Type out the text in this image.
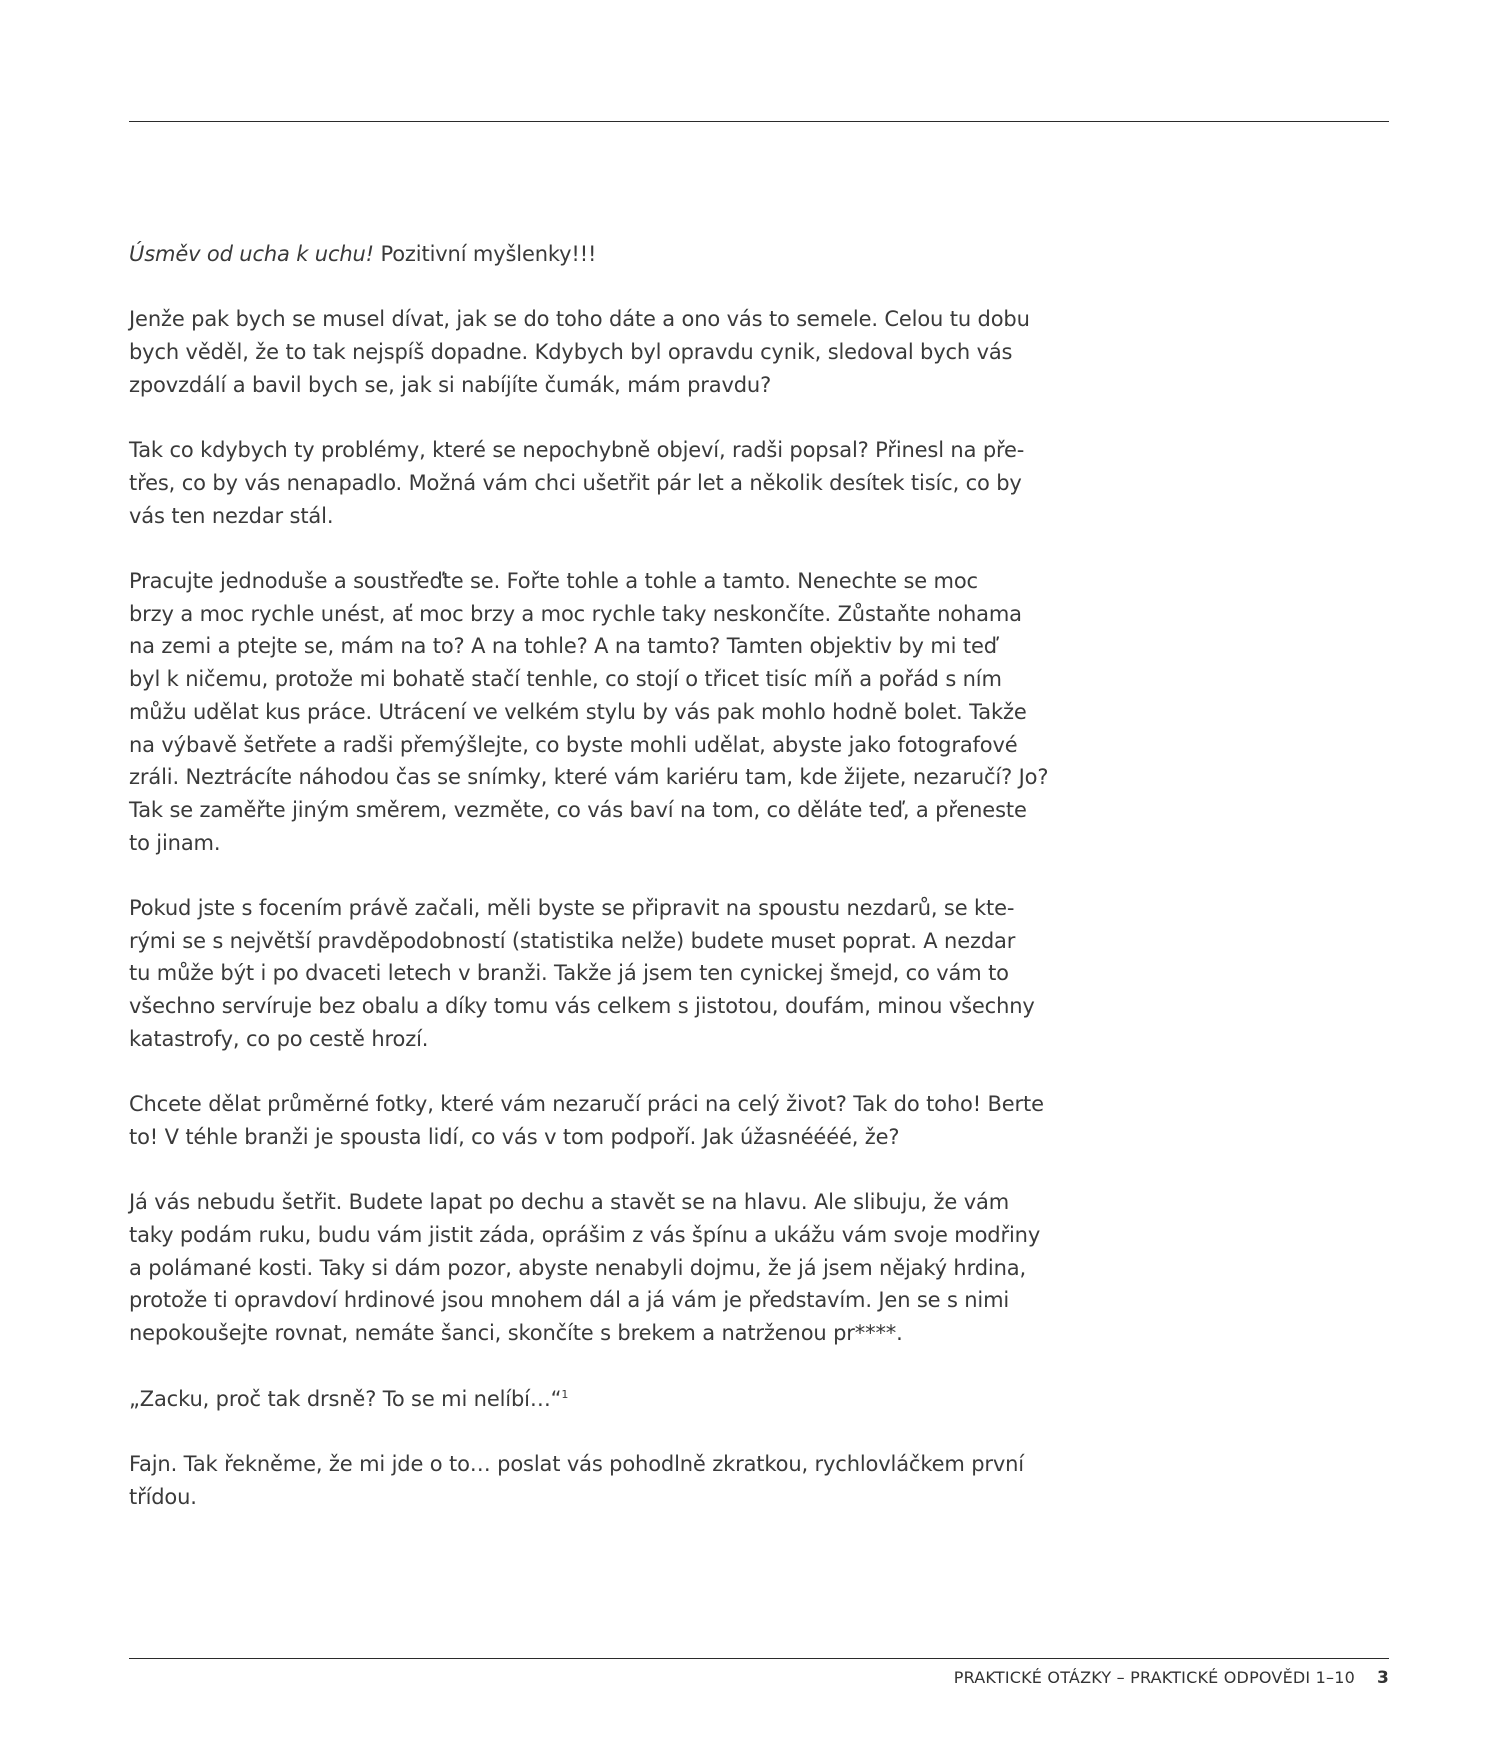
Úsměv od ucha k uchu! Pozitivní myšlenky!!!

Jenže pak bych se musel dívat, jak se do toho dáte a ono vás to semele. Celou tu dobu
bych věděl, že to tak nejspíš dopadne. Kdybych byl opravdu cynik, sledoval bych vás
zpovzdálí a bavil bych se, jak si nabíjíte čumák, mám pravdu?

Tak co kdybych ty problémy, které se nepochybně objeví, radši popsal? Přinesl na pře-
třes, co by vás nenapadlo. Možná vám chci ušetřit pár let a několik desítek tisíc, co by
vás ten nezdar stál.

Pracujte jednoduše a soustřeďte se. Fořte tohle a tohle a tamto. Nenechte se moc
brzy a moc rychle unést, ať moc brzy a moc rychle taky neskončíte. Zůstaňte nohama
na zemi a ptejte se, mám na to? A na tohle? A na tamto? Tamten objektiv by mi teď
byl k ničemu, protože mi bohatě stačí tenhle, co stojí o třicet tisíc míň a pořád s ním
můžu udělat kus práce. Utrácení ve velkém stylu by vás pak mohlo hodně bolet. Takže
na výbavě šetřete a radši přemýšlejte, co byste mohli udělat, abyste jako fotografové
zráli. Neztrácíte náhodou čas se snímky, které vám kariéru tam, kde žijete, nezaručí? Jo?
Tak se zaměřte jiným směrem, vezměte, co vás baví na tom, co děláte teď, a přeneste
to jinam.

Pokud jste s focením právě začali, měli byste se připravit na spoustu nezdarů, se kte-
rými se s největší pravděpodobností (statistika nelže) budete muset poprat. A nezdar
tu může být i po dvaceti letech v branži. Takže já jsem ten cynickej šmejd, co vám to
všechno servíruje bez obalu a díky tomu vás celkem s jistotou, doufám, minou všechny
katastrofy, co po cestě hrozí.

Chcete dělat průměrné fotky, které vám nezaručí práci na celý život? Tak do toho! Berte
to! V téhle branži je spousta lidí, co vás v tom podpoří. Jak úžasnéééé, že?

Já vás nebudu šetřit. Budete lapat po dechu a stavět se na hlavu. Ale slibuju, že vám
taky podám ruku, budu vám jistit záda, oprášim z vás špínu a ukážu vám svoje modřiny
a polámané kosti. Taky si dám pozor, abyste nenabyli dojmu, že já jsem nějaký hrdina,
protože ti opravdoví hrdinové jsou mnohem dál a já vám je představím. Jen se s nimi
nepokoušejte rovnat, nemáte šanci, skončíte s brekem a natrženou pr****.

„Zacku, proč tak drsně? To se mi nelíbí…“$^1$

Fajn. Tak řekněme, že mi jde o to… poslat vás pohodlně zkratkou, rychlovláčkem první
třídou.

PRAKTICKÉ OTÁZKY – PRAKTICKÉ ODPOVĚDI 1–10 3
